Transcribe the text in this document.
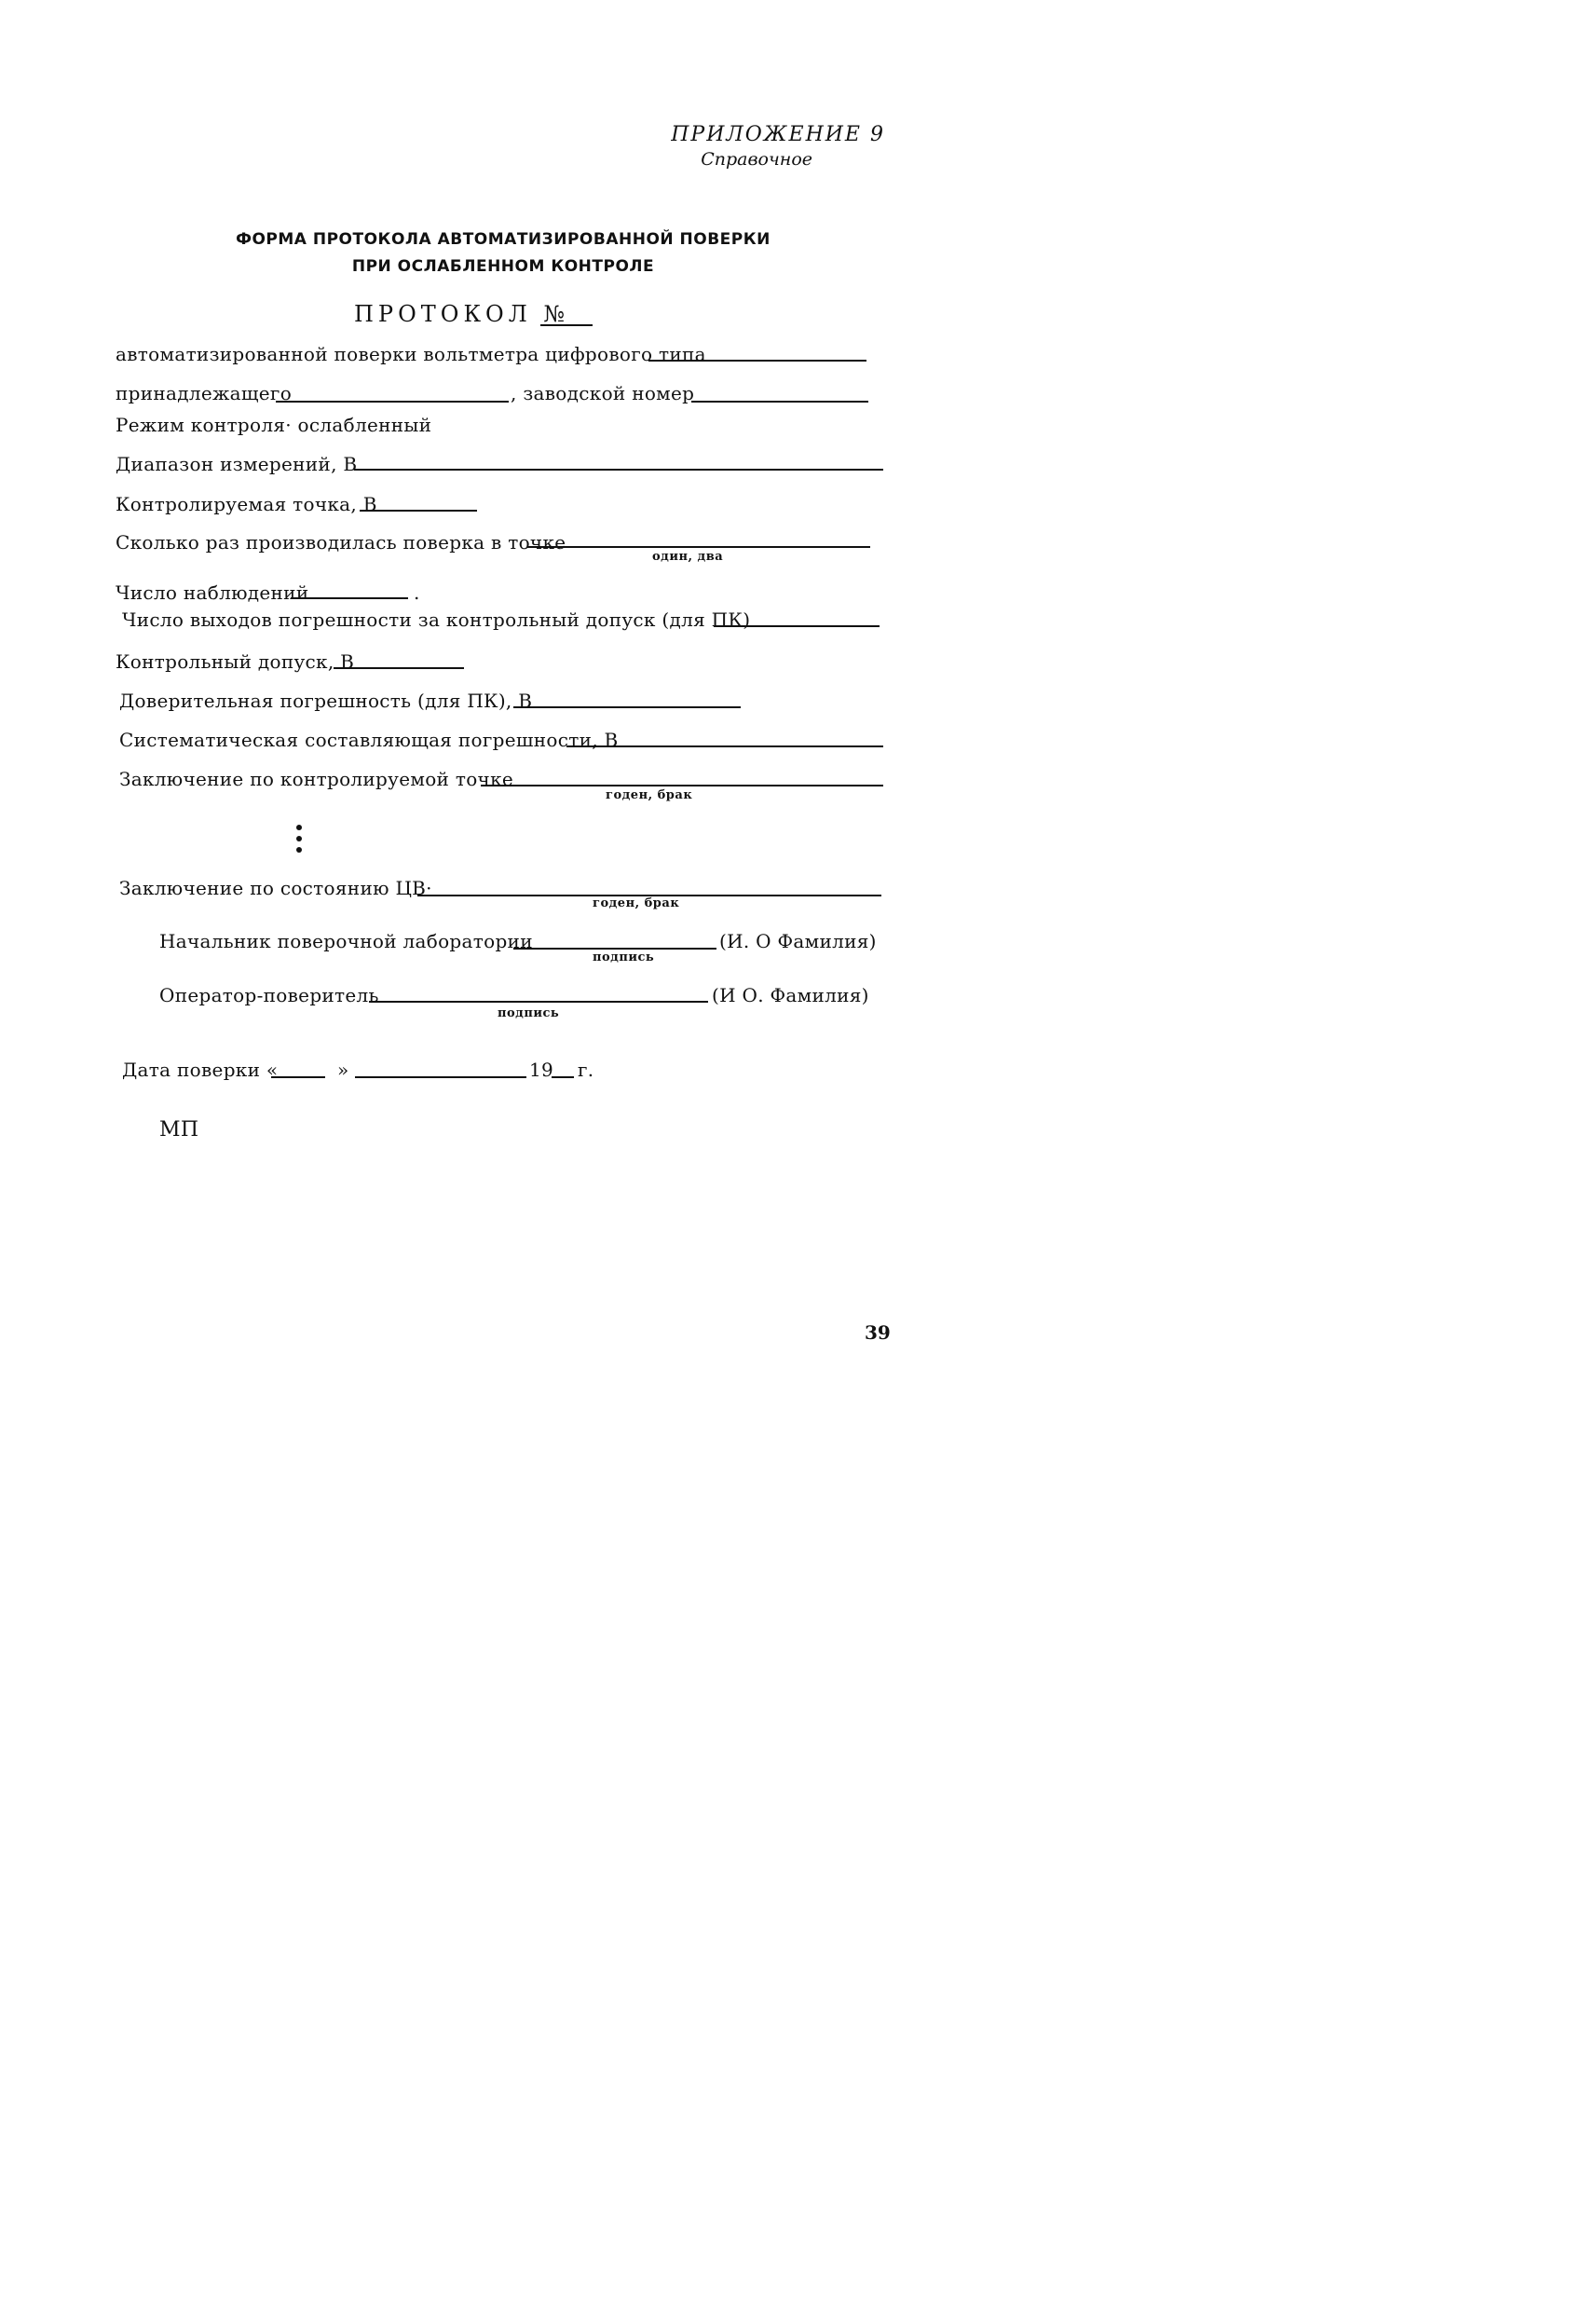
ПРИЛОЖЕНИЕ 9
Справочное
ФОРМА ПРОТОКОЛА АВТОМАТИЗИРОВАННОЙ ПОВЕРКИ
ПРИ ОСЛАБЛЕННОМ КОНТРОЛЕ
ПРОТОКОЛ №
автоматизированной поверки вольтметра цифрового типа
принадлежащего	, заводской номер
Режим контроля· ослабленный
Диапазон измерений, В
Контролируемая точка, В
Сколько раз производилась поверка в точке
один, два
Число наблюдений	.
Число выходов погрешности за контрольный допуск (для ПК)
Контрольный допуск, В
Доверительная погрешность (для ПК), В
Систематическая составляющая погрешности, В
Заключение по контролируемой точке
годен, брак
Заключение по состоянию ЦВ·
годен, брак
Начальник поверочной лаборатории	(И. О Фамилия)
подпись
Оператор-поверитель	(И О. Фамилия)
подпись
Дата поверки «	»	19 г.
МП
39
